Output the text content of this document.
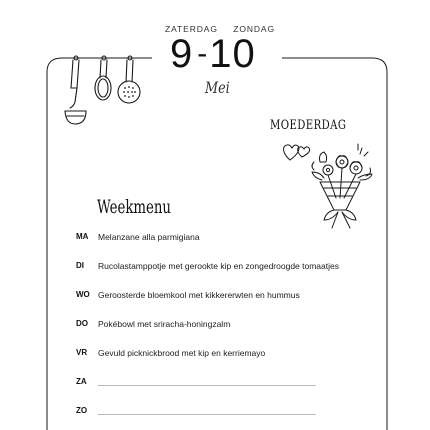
ZATERDAG ZONDAG
9 -10
Mei
MOEDERDAG
Weekmenu
MA	Melanzane alla parmigiana
DI	Rucolastamppotje met gerookte kip en zongedroogde tomaatjes
WO Geroosterde bloemkool met kikkererwten en hummus
DO	Pokébowl met sriracha-honingzalm
VR	Gevuld picknickbrood met kip en kerriemayo
ZA
ZO
